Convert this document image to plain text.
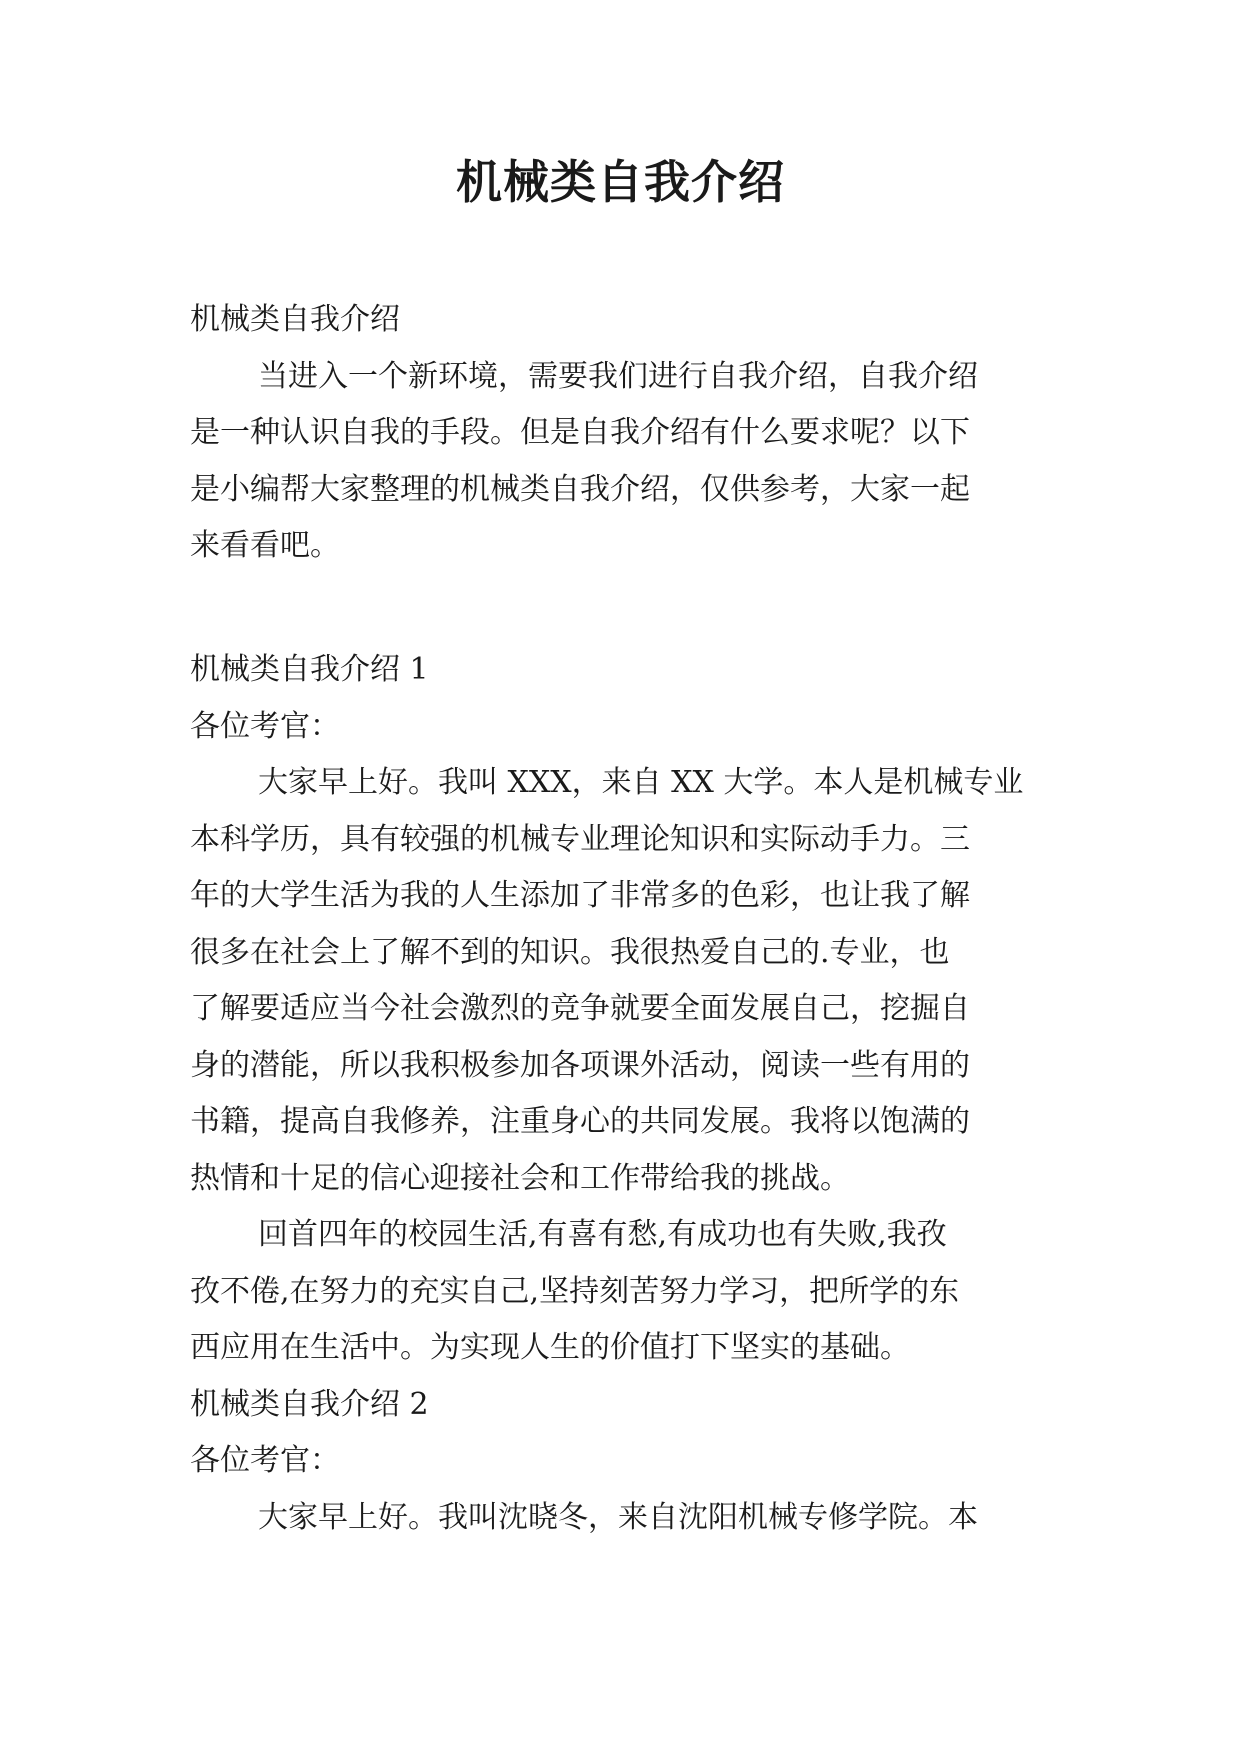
机械类自我介绍

机械类自我介绍

当进入一个新环境，需要我们进行自我介绍，自我介绍
是一种认识自我的手段。但是自我介绍有什么要求呢？以下
是小编帮大家整理的机械类自我介绍，仅供参考，大家一起
来看看吧。

机械类自我介绍 1

各位考官：

大家早上好。我叫 XXX，来自 XX 大学。本人是机械专业
本科学历，具有较强的机械专业理论知识和实际动手力。三
年的大学生活为我的人生添加了非常多的色彩，也让我了解
很多在社会上了解不到的知识。我很热爱自己的.专业，也
了解要适应当今社会激烈的竞争就要全面发展自己，挖掘自
身的潜能，所以我积极参加各项课外活动，阅读一些有用的
书籍，提高自我修养，注重身心的共同发展。我将以饱满的
热情和十足的信心迎接社会和工作带给我的挑战。

回首四年的校园生活,有喜有愁,有成功也有失败,我孜
孜不倦,在努力的充实自己,坚持刻苦努力学习，把所学的东
西应用在生活中。为实现人生的价值打下坚实的基础。

机械类自我介绍 2

各位考官：

大家早上好。我叫沈晓冬，来自沈阳机械专修学院。本
